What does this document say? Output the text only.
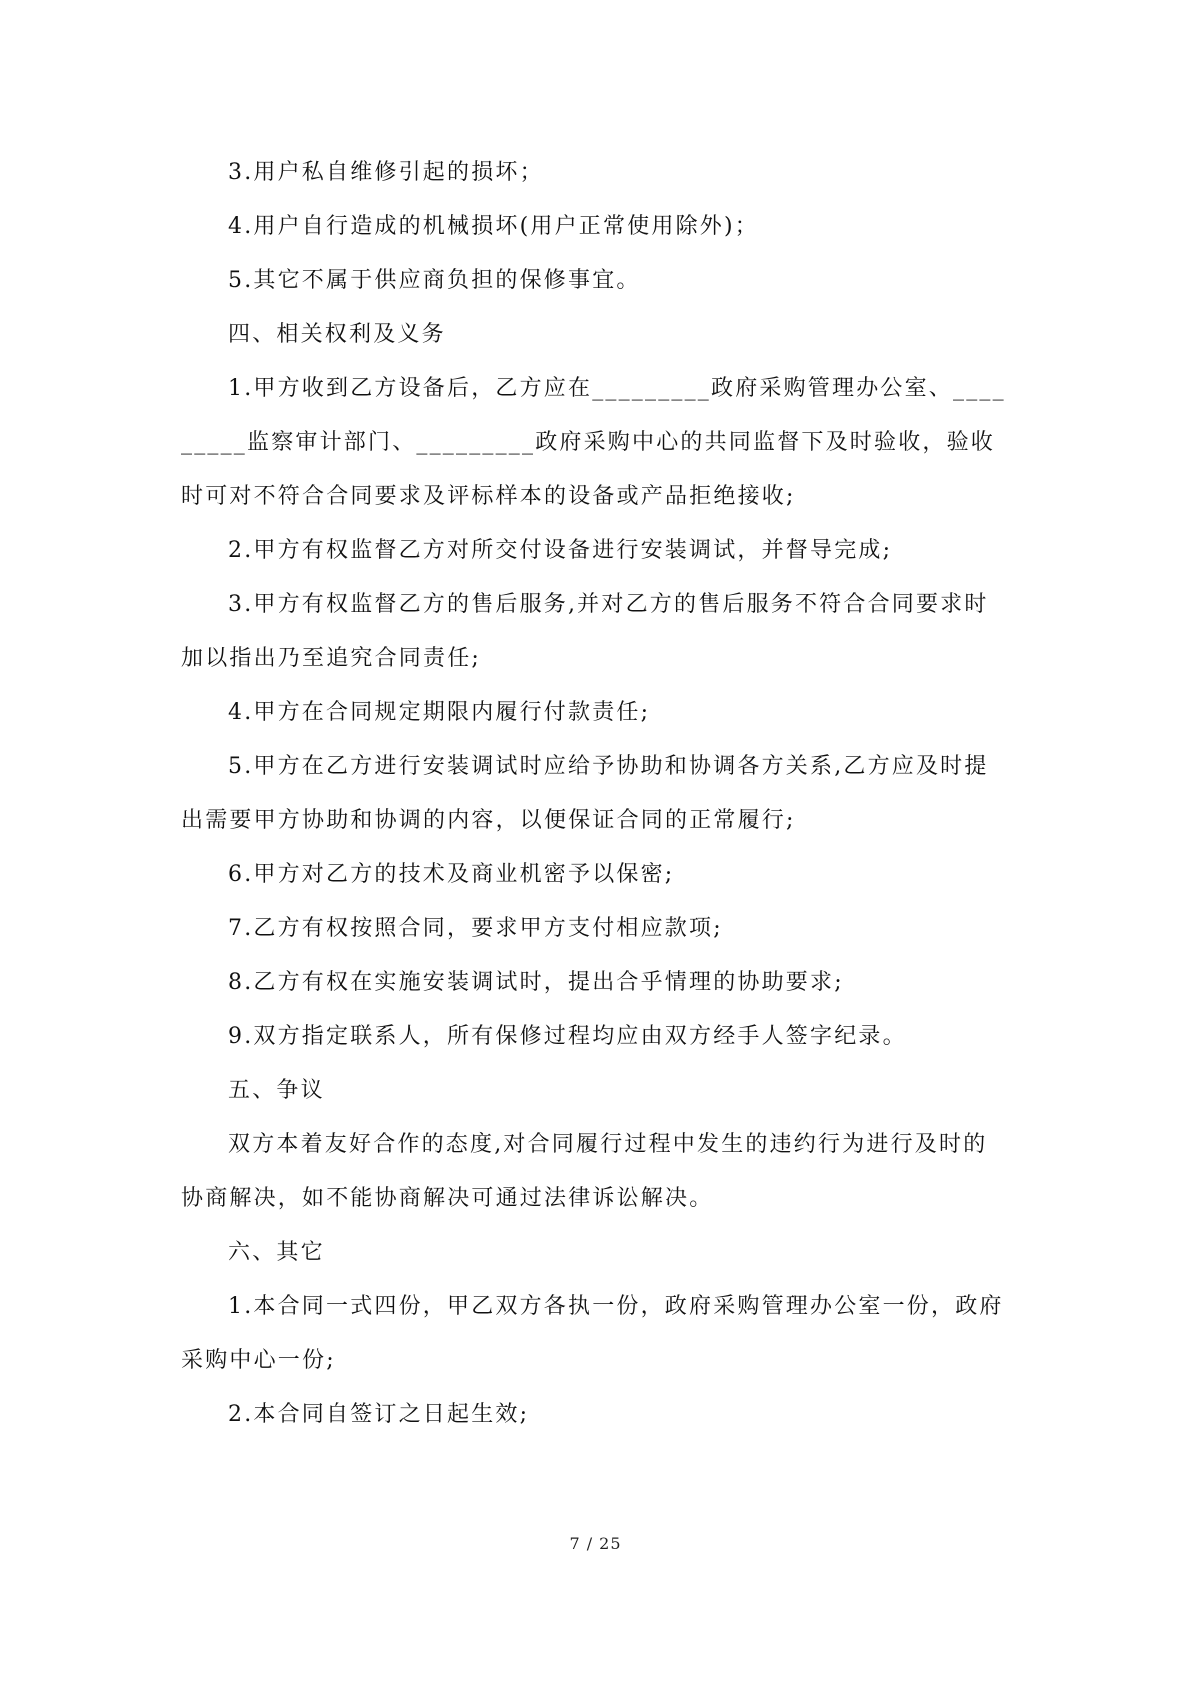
3.用户私自维修引起的损坏；

4.用户自行造成的机械损坏(用户正常使用除外)；

5.其它不属于供应商负担的保修事宜。

四、相关权利及义务

1.甲方收到乙方设备后，乙方应在_________政府采购管理办公室、_________监察审计部门、_________政府采购中心的共同监督下及时验收，验收时可对不符合合同要求及评标样本的设备或产品拒绝接收;

2.甲方有权监督乙方对所交付设备进行安装调试，并督导完成;

3.甲方有权监督乙方的售后服务,并对乙方的售后服务不符合合同要求时加以指出乃至追究合同责任;

4.甲方在合同规定期限内履行付款责任;

5.甲方在乙方进行安装调试时应给予协助和协调各方关系,乙方应及时提出需要甲方协助和协调的内容，以便保证合同的正常履行;

6.甲方对乙方的技术及商业机密予以保密;

7.乙方有权按照合同，要求甲方支付相应款项;

8.乙方有权在实施安装调试时，提出合乎情理的协助要求;

9.双方指定联系人，所有保修过程均应由双方经手人签字纪录。

五、争议

双方本着友好合作的态度,对合同履行过程中发生的违约行为进行及时的协商解决，如不能协商解决可通过法律诉讼解决。

六、其它

1.本合同一式四份，甲乙双方各执一份，政府采购管理办公室一份，政府采购中心一份;

2.本合同自签订之日起生效;

7 / 25
